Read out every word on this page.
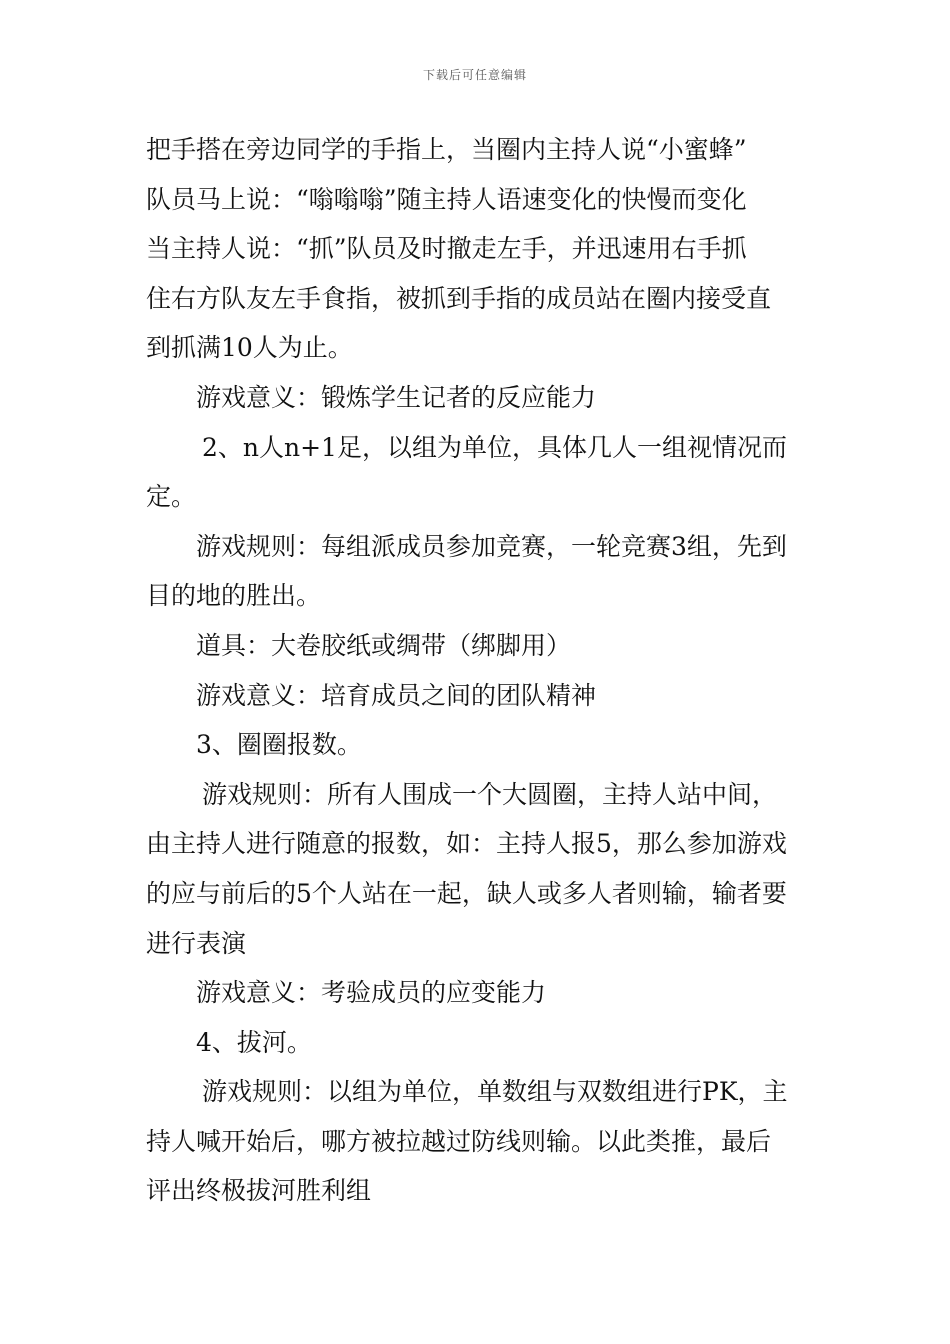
下载后可任意编辑
把手搭在旁边同学的手指上，当圈内主持人说“小蜜蜂”
队员马上说：“嗡嗡嗡”随主持人语速变化的快慢而变化
当主持人说：“抓”队员及时撤走左手，并迅速用右手抓
住右方队友左手食指，被抓到手指的成员站在圈内接受直
到抓满10人为止。
游戏意义：锻炼学生记者的反应能力
2、n人n+1足，以组为单位，具体几人一组视情况而
定。
游戏规则：每组派成员参加竞赛，一轮竞赛3组，先到
目的地的胜出。
道具：大卷胶纸或绸带（绑脚用）
游戏意义：培育成员之间的团队精神
3、圈圈报数。
游戏规则：所有人围成一个大圆圈，主持人站中间，
由主持人进行随意的报数，如：主持人报5，那么参加游戏
的应与前后的5个人站在一起，缺人或多人者则输，输者要
进行表演
游戏意义：考验成员的应变能力
4、拔河。
游戏规则：以组为单位，单数组与双数组进行PK，主
持人喊开始后，哪方被拉越过防线则输。以此类推，最后
评出终极拔河胜利组
